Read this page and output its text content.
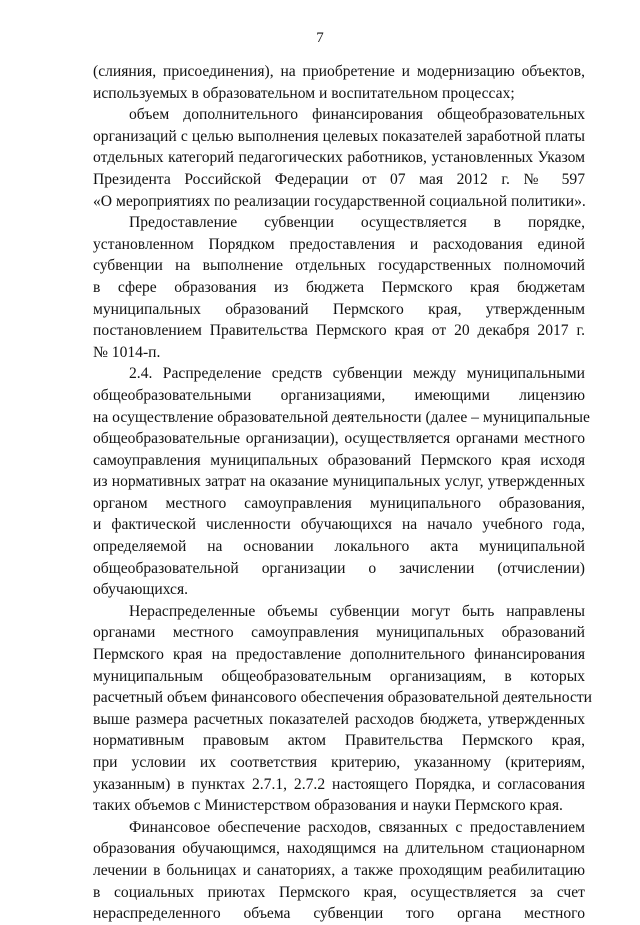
7
(слияния, присоединения), на приобретение и модернизацию объектов,
используемых в образовательном и воспитательном процессах;
объем дополнительного финансирования общеобразовательных
организаций с целью выполнения целевых показателей заработной платы
отдельных категорий педагогических работников, установленных Указом
Президента Российской Федерации от 07 мая 2012 г. № 597
«О мероприятиях по реализации государственной социальной политики».
Предоставление субвенции осуществляется в порядке,
установленном Порядком предоставления и расходования единой
субвенции на выполнение отдельных государственных полномочий
в сфере образования из бюджета Пермского края бюджетам
муниципальных образований Пермского края, утвержденным
постановлением Правительства Пермского края от 20 декабря 2017 г.
№ 1014-п.
2.4. Распределение средств субвенции между муниципальными
общеобразовательными организациями, имеющими лицензию
на осуществление образовательной деятельности (далее – муниципальные
общеобразовательные организации), осуществляется органами местного
самоуправления муниципальных образований Пермского края исходя
из нормативных затрат на оказание муниципальных услуг, утвержденных
органом местного самоуправления муниципального образования,
и фактической численности обучающихся на начало учебного года,
определяемой на основании локального акта муниципальной
общеобразовательной организации о зачислении (отчислении)
обучающихся.
Нераспределенные объемы субвенции могут быть направлены
органами местного самоуправления муниципальных образований
Пермского края на предоставление дополнительного финансирования
муниципальным общеобразовательным организациям, в которых
расчетный объем финансового обеспечения образовательной деятельности
выше размера расчетных показателей расходов бюджета, утвержденных
нормативным правовым актом Правительства Пермского края,
при условии их соответствия критерию, указанному (критериям,
указанным) в пунктах 2.7.1, 2.7.2 настоящего Порядка, и согласования
таких объемов с Министерством образования и науки Пермского края.
Финансовое обеспечение расходов, связанных с предоставлением
образования обучающимся, находящимся на длительном стационарном
лечении в больницах и санаториях, а также проходящим реабилитацию
в социальных приютах Пермского края, осуществляется за счет
нераспределенного объема субвенции того органа местного
